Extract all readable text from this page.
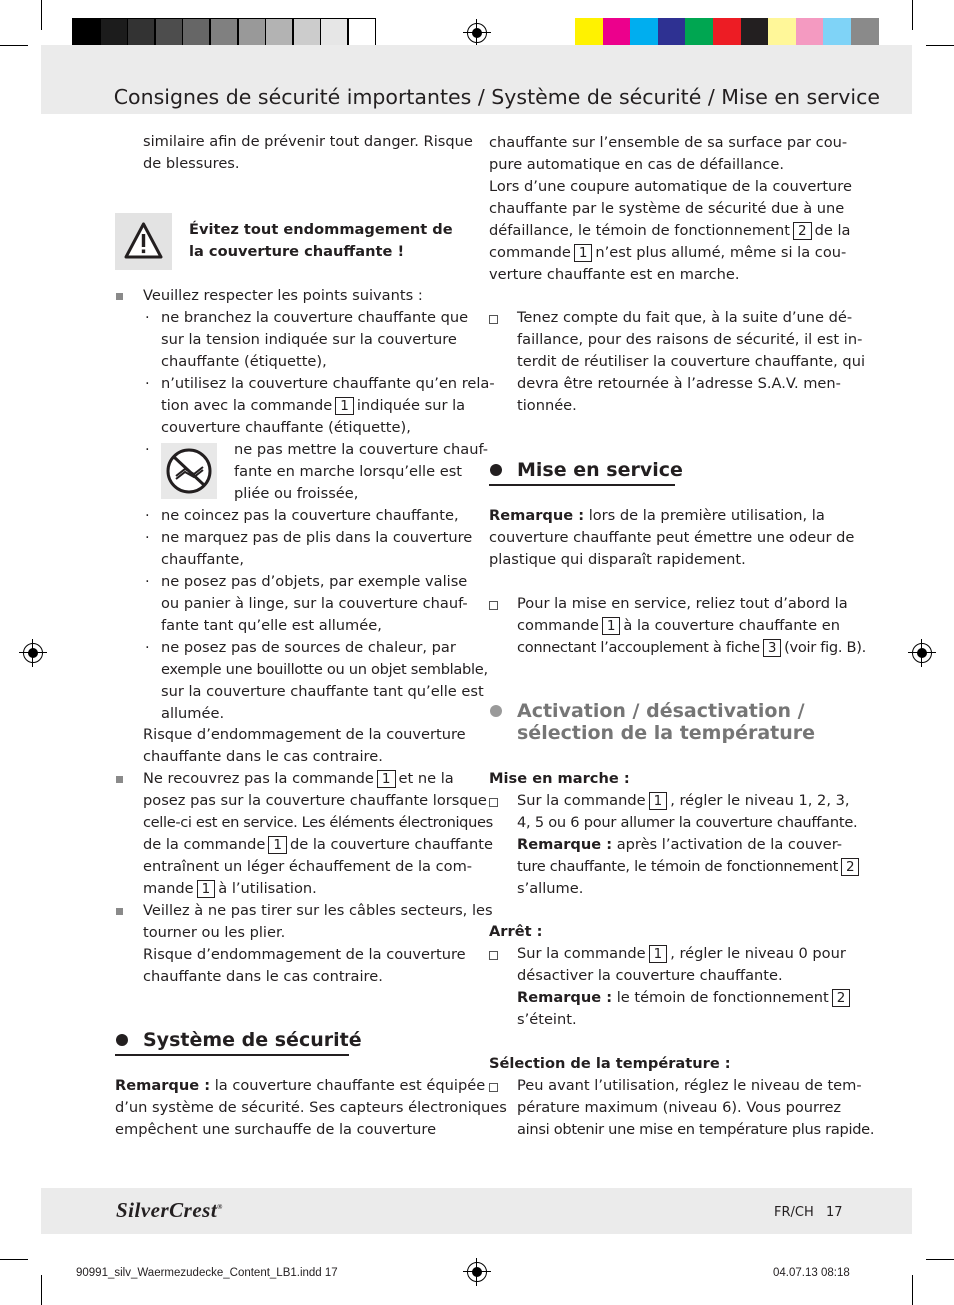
Consignes de sécurité importantes / Système de sécurité / Mise en service
similaire afin de prévenir tout danger. Risque
de blessures.
Évitez tout endommagement de
la couverture chauffante !
Veuillez respecter les points suivants :
· ne branchez la couverture chauffante que
sur la tension indiquée sur la couverture
chauffante (étiquette),
· n’utilisez la couverture chauffante qu’en rela-
tion avec la commande 1 indiquée sur la
couverture chauffante (étiquette),
·	ne pas mettre la couverture chauf-
fante en marche lorsqu’elle est
pliée ou froissée,
· ne coincez pas la couverture chauffante,
· ne marquez pas de plis dans la couverture
chauffante,
· ne posez pas d’objets, par exemple valise
ou panier à linge, sur la couverture chauf-
fante tant qu’elle est allumée,
· ne posez pas de sources de chaleur, par
exemple une bouillotte ou un objet semblable,
sur la couverture chauffante tant qu’elle est
allumée.
Risque d’endommagement de la couverture
chauffante dans le cas contraire.
Ne recouvrez pas la commande 1 et ne la
posez pas sur la couverture chauffante lorsque
celle-ci est en service. Les éléments électroniques
de la commande 1 de la couverture chauffante
entraînent un léger échauffement de la com-
mande 1 à l’utilisation.
Veillez à ne pas tirer sur les câbles secteurs, les
tourner ou les plier.
Risque d’endommagement de la couverture
chauffante dans le cas contraire.
Système de sécurité
Remarque : la couverture chauffante est équipée
d’un système de sécurité. Ses capteurs électroniques
empêchent une surchauffe de la couverture
chauffante sur l’ensemble de sa surface par cou-
pure automatique en cas de défaillance.
Lors d’une coupure automatique de la couverture
chauffante par le système de sécurité due à une
défaillance, le témoin de fonctionnement 2 de la
commande 1 n’est plus allumé, même si la cou-
verture chauffante est en marche.
Tenez compte du fait que, à la suite d’une dé-
faillance, pour des raisons de sécurité, il est in-
terdit de réutiliser la couverture chauffante, qui
devra être retournée à l’adresse S.A.V. men-
tionnée.
Mise en service
Remarque : lors de la première utilisation, la
couverture chauffante peut émettre une odeur de
plastique qui disparaît rapidement.
Pour la mise en service, reliez tout d’abord la
commande 1 à la couverture chauffante en
connectant l’accouplement à fiche 3 (voir fig. B).
Activation / désactivation /
sélection de la température
Mise en marche :
Sur la commande 1 , régler le niveau 1, 2, 3,
4, 5 ou 6 pour allumer la couverture chauffante.
Remarque : après l’activation de la couver-
ture chauffante, le témoin de fonctionnement 2
s’allume.
Arrêt :
Sur la commande 1 , régler le niveau 0 pour
désactiver la couverture chauffante.
Remarque : le témoin de fonctionnement 2
s’éteint.
Sélection de la température :
Peu avant l’utilisation, réglez le niveau de tem-
pérature maximum (niveau 6). Vous pourrez
ainsi obtenir une mise en température plus rapide.
SilverCrest®	FR/CH 17
90991_silv_Waermezudecke_Content_LB1.indd 17	04.07.13 08:18
